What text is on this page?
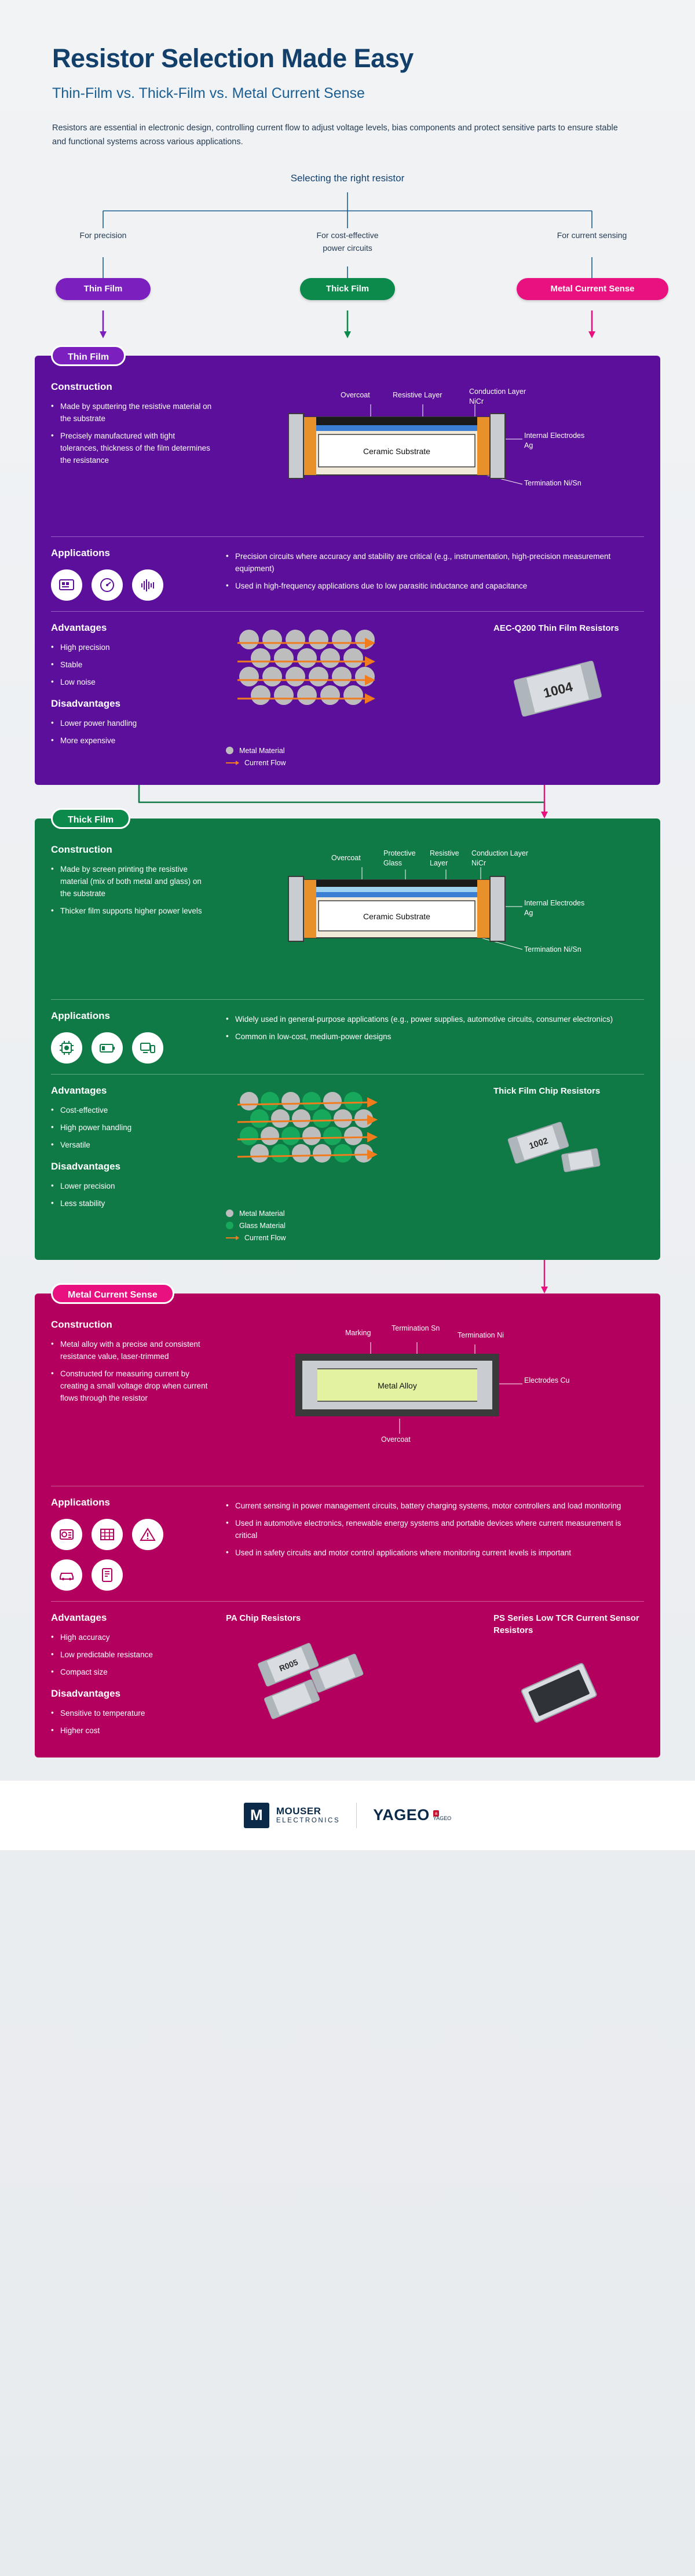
Resistor Selection Made Easy
Thin-Film vs. Thick-Film vs. Metal Current Sense
Resistors are essential in electronic design, controlling current flow to adjust voltage levels, bias components and protect sensitive parts to ensure stable and functional systems across various applications.
Selecting the right resistor
For precision	For cost-effective
power circuits
For current sensing
Thin Film	Thick Film	Metal Current Sense
Thin Film
Construction
• Made by sputtering the resistive material on the substrate
• Precisely manufactured with tight tolerances, thickness of the film determines the resistance
Ceramic Substrate
Overcoat	Resistive Layer	Conduction Layer NiCr
Internal Electrodes Ag
Termination Ni/Sn
Applications	• Precision circuits where accuracy and stability are critical (e.g., instrumentation, high-precision measurement equipment)
• Used in high-frequency applications due to low parasitic inductance and capacitance
Advantages
• High precision
• Stable
• Low noise
Disadvantages
• Lower power handling
• More expensive
Metal Material
Current Flow
AEC-Q200 Thin Film Resistors
1004
Thick Film
Construction
• Made by screen printing the resistive material (mix of both metal and glass) on the substrate
• Thicker film supports higher power levels
Ceramic Substrate
Overcoat
Protective Glass
Resistive Layer
Conduction Layer NiCr
Internal Electrodes Ag
Termination Ni/Sn
Applications	• Widely used in general-purpose applications (e.g., power supplies, automotive circuits, consumer electronics)
• Common in low-cost, medium-power designs
Advantages
• Cost-effective
• High power handling
• Versatile
Disadvantages
• Lower precision
• Less stability
Metal Material
Glass Material
Current Flow
Thick Film Chip Resistors
1002
Metal Current Sense
Construction
• Metal alloy with a precise and consistent resistance value, laser-trimmed
• Constructed for measuring current by creating a small voltage drop when current flows through the resistor
Metal Alloy
Marking
Termination Sn
Termination Ni
Electrodes Cu
Overcoat
Applications	• Current sensing in power management circuits, battery charging systems, motor controllers and load monitoring
• Used in automotive electronics, renewable energy systems and portable devices where current measurement is critical
• Used in safety circuits and motor control applications where monitoring current levels is important
Advantages
• High accuracy
• Low predictable resistance
• Compact size
Disadvantages
• Sensitive to temperature
• Higher cost
PA Chip Resistors
R005
PS Series Low TCR Current Sensor Resistors
M	MOUSER
ELECTRONICS YAGEO	a
YAGEO
